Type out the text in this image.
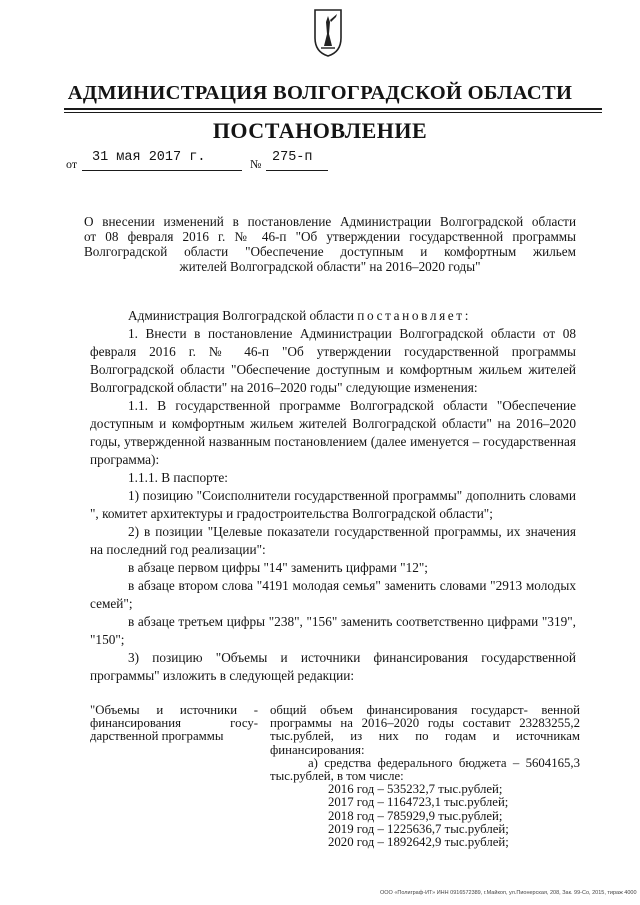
АДМИНИСТРАЦИЯ ВОЛГОГРАДСКОЙ ОБЛАСТИ
ПОСТАНОВЛЕНИЕ
от 31 мая 2017 г.	№ 275-п
О внесении изменений в постановление Администрации Волгоградской области
от 08 февраля 2016 г. № 46-п "Об утверждении государственной программы
Волгоградской области "Обеспечение доступным и комфортным жильем
жителей Волгоградской области" на 2016–2020 годы"
Администрация Волгоградской области постановляет:
1. Внести в постановление Администрации Волгоградской области от 08 февраля 2016 г. № 46-п "Об утверждении государственной программы Волгоградской области "Обеспечение доступным и комфортным жильем жителей Волгоградской области" на 2016–2020 годы" следующие изменения:
1.1. В государственной программе Волгоградской области "Обеспечение доступным и комфортным жильем жителей Волгоградской области" на 2016–2020 годы, утвержденной названным постановлением (далее именуется – государственная программа):
1.1.1. В паспорте:
1) позицию "Соисполнители государственной программы" дополнить словами ", комитет архитектуры и градостроительства Волгоградской области";
2) в позиции "Целевые показатели государственной программы, их значения на последний год реализации":
в абзаце первом цифры "14" заменить цифрами "12";
в абзаце втором слова "4191 молодая семья" заменить словами "2913 молодых семей";
в абзаце третьем цифры "238", "156" заменить соответственно цифрами "319", "150";
3) позицию "Объемы и источники финансирования государственной программы" изложить в следующей редакции:
"Объемы и источники - финансирования госу- дарственной программы
общий объем финансирования государст- венной программы на 2016–2020 годы составит 23283255,2 тыс.рублей, из них по годам и источникам финансирования:
а) средства федерального бюджета – 5604165,3 тыс.рублей, в том числе:
2016 год – 535232,7 тыс.рублей;
2017 год – 1164723,1 тыс.рублей;
2018 год – 785929,9 тыс.рублей;
2019 год – 1225636,7 тыс.рублей;
2020 год – 1892642,9 тыс.рублей;
ООО «Полиграф-ИТ» ИНН 0916572389, г.Майкоп, ул.Пионерская, 208, Зак. 99-Со, 2015, тираж 4000
